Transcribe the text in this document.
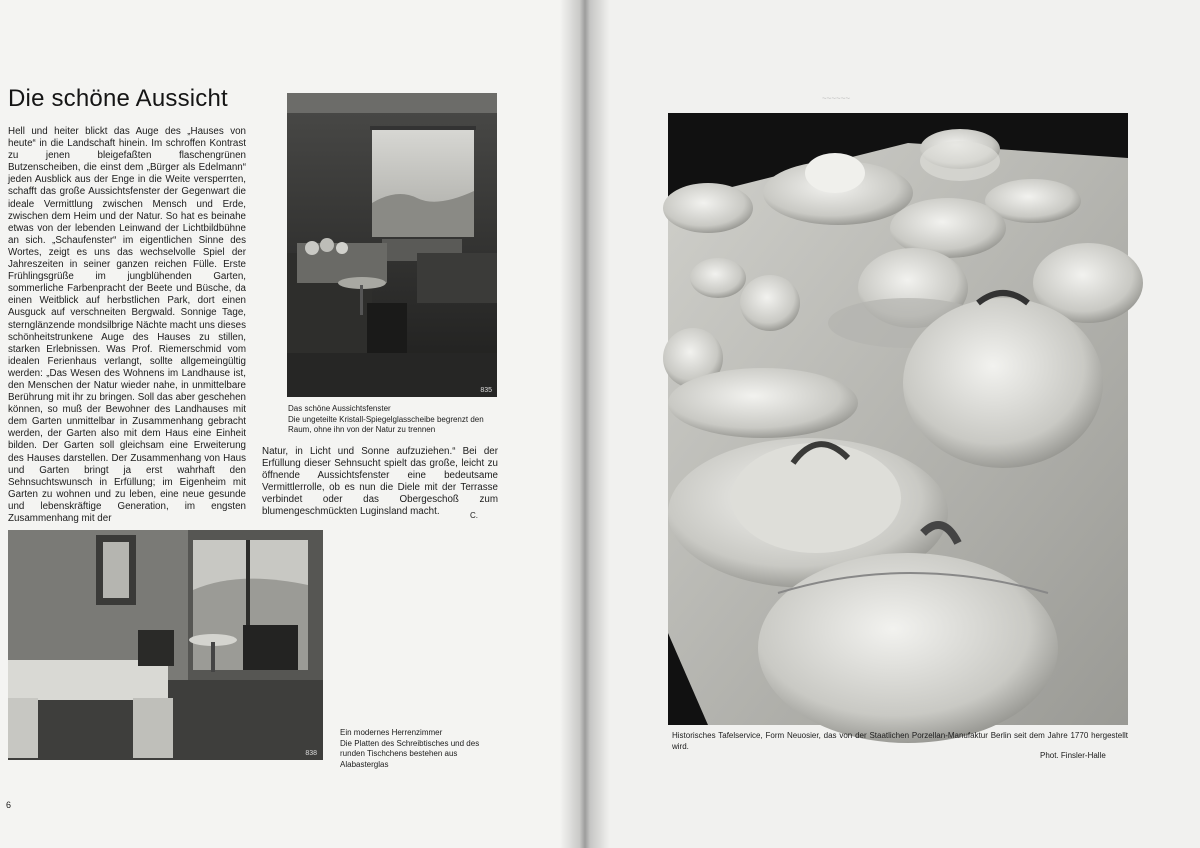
Die schöne Aussicht
Hell und heiter blickt das Auge des „Hauses von heute“ in die Landschaft hinein. Im schroffen Kontrast zu jenen bleigefaßten flaschengrünen Butzenscheiben, die einst dem „Bürger als Edelmann“ jeden Ausblick aus der Enge in die Weite versperrten, schafft das große Aussichtsfenster der Gegenwart die ideale Vermittlung zwischen Mensch und Erde, zwischen dem Heim und der Natur. So hat es beinahe etwas von der lebenden Leinwand der Lichtbildbühne an sich. „Schaufenster“ im eigentlichen Sinne des Wortes, zeigt es uns das wechselvolle Spiel der Jahreszeiten in seiner ganzen reichen Fülle. Erste Frühlingsgrüße im jungblühenden Garten, sommerliche Farbenpracht der Beete und Büsche, da einen Weitblick auf herbstlichen Park, dort einen Ausguck auf verschneiten Bergwald. Sonnige Tage, sternglänzende mondsilbrige Nächte macht uns dieses schönheitstrunkene Auge des Hauses zu stillen, starken Erlebnissen. Was Prof. Riemerschmid vom idealen Ferienhaus verlangt, sollte allgemeingültig werden: „Das Wesen des Wohnens im Landhause ist, den Menschen der Natur wieder nahe, in unmittelbare Berührung mit ihr zu bringen. Soll das aber geschehen können, so muß der Bewohner des Landhauses mit dem Garten unmittelbar in Zusammenhang gebracht werden, der Garten also mit dem Haus eine Einheit bilden. Der Garten soll gleichsam eine Erweiterung des Hauses darstellen. Der Zusammenhang von Haus und Garten bringt ja erst wahrhaft den Sehnsuchtswunsch in Erfüllung; im Eigenheim mit Garten zu wohnen und zu leben, eine neue gesunde und lebenskräftige Generation, im engsten Zusammenhang mit der
835
Das schöne Aussichtsfenster
Die ungeteilte Kristall-Spiegelglasscheibe begrenzt den Raum, ohne ihn von der Natur zu trennen
Natur, in Licht und Sonne aufzuziehen.“ Bei der Erfüllung dieser Sehnsucht spielt das große, leicht zu öffnende Aussichtsfenster eine bedeutsame Vermittlerrolle, ob es nun die Diele mit der Terrasse verbindet oder das Obergeschoß zum blumengeschmückten Luginsland macht.	C.
838
Ein modernes Herrenzimmer
Die Platten des Schreibtisches und des runden Tischchens bestehen aus Alabasterglas
6
~~~~~~
Historisches Tafelservice, Form Neuosier, das von der Staatlichen Porzellan-Manufaktur Berlin seit dem Jahre 1770 hergestellt wird.
Phot. Finsler-Halle
